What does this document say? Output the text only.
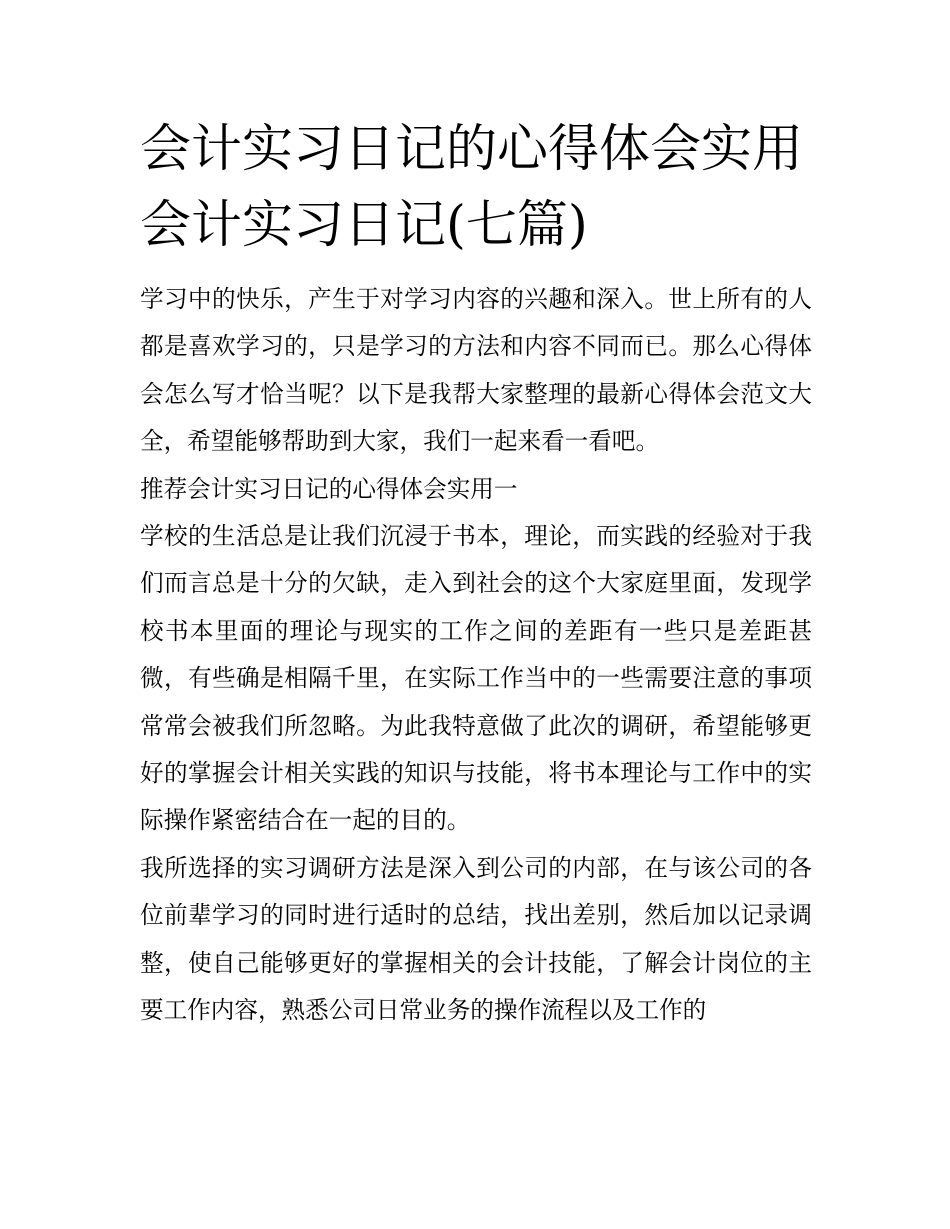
会计实习日记的心得体会实用
会计实习日记(七篇)

学习中的快乐，产生于对学习内容的兴趣和深入。世上所有的人都是喜欢学习的，只是学习的方法和内容不同而已。那么心得体会怎么写才恰当呢？以下是我帮大家整理的最新心得体会范文大全，希望能够帮助到大家，我们一起来看一看吧。

推荐会计实习日记的心得体会实用一

学校的生活总是让我们沉浸于书本，理论，而实践的经验对于我们而言总是十分的欠缺，走入到社会的这个大家庭里面，发现学校书本里面的理论与现实的工作之间的差距有一些只是差距甚微，有些确是相隔千里，在实际工作当中的一些需要注意的事项常常会被我们所忽略。为此我特意做了此次的调研，希望能够更好的掌握会计相关实践的知识与技能，将书本理论与工作中的实际操作紧密结合在一起的目的。

我所选择的实习调研方法是深入到公司的内部，在与该公司的各位前辈学习的同时进行适时的总结，找出差别，然后加以记录调整，使自己能够更好的掌握相关的会计技能，了解会计岗位的主要工作内容，熟悉公司日常业务的操作流程以及工作的
